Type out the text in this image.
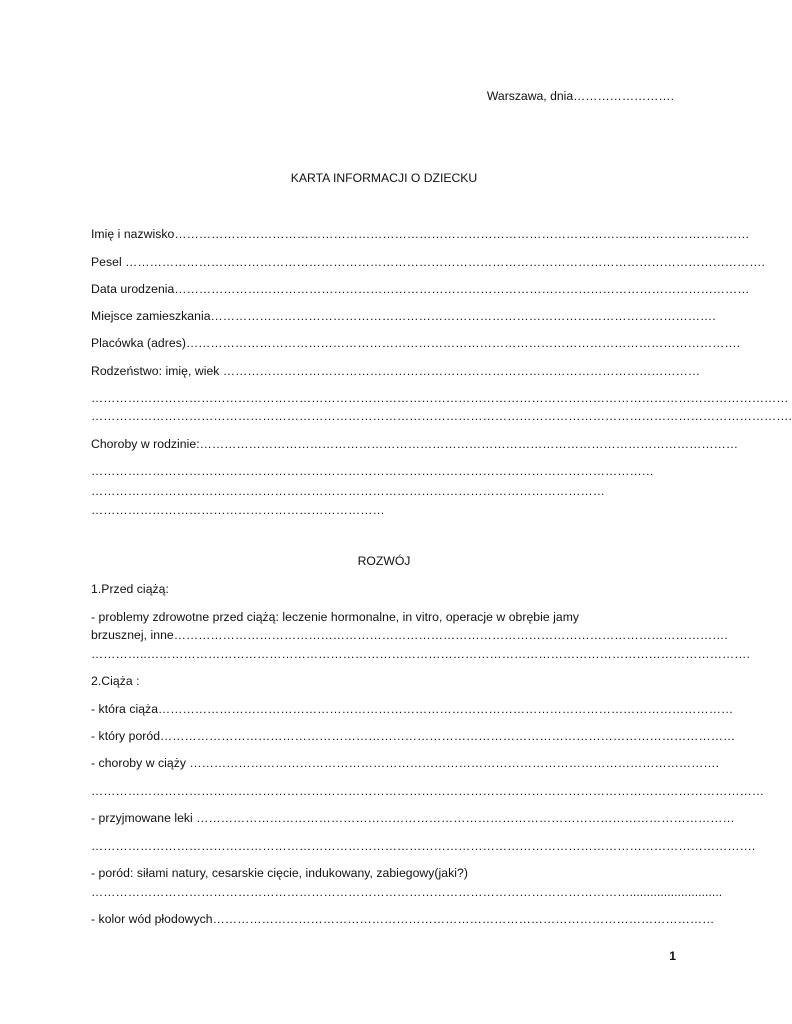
Warszawa, dnia…………………….
KARTA INFORMACJI O DZIECKU
Imię i nazwisko……………………………………………………………………………………………………………………………
Pesel ………………………………………………………………………………………………………………………………………….
Data urodzenia……………………………………………………………………………………………………………………………
Miejsce zamieszkania…………………………………………………………………………………………………………….
Placówka (adres)……………………………………………………………………………………………………………………….
Rodzeństwo: imię, wiek ………………………………………………………………………………………………………
………………………………………………………………………………………………………………………………………………………
……………………………………………………………………………………………………………………………………………………….
Choroby w rodzinie:……………………………………………………………………………………………………………………
…………………………………………………………………………………………………………………………
………………………………………………………………………………………………………………
………………………………………………………………
ROZWÓJ
1.Przed ciążą:
- problemy zdrowotne przed ciążą: leczenie hormonalne, in vitro, operacje w obrębie jamy
brzusznej, inne……………………………………………………………………………………………………………………….
…………..………………………………………………………………………………………………………………………………….
2.Ciąża :
- która ciąża……………………………………………………………………………………………………………………………
- który poród……………………………………………………………………………………………………………………………
- choroby w ciąży ………………………………………………………………………………………………………………….
…………………………………………………………………………………………………………………………………………………
- przyjmowane leki ……………………………………………………………………………………………………………………
……………………………………………………………………………………………………………………………………………….
- poród: siłami natury, cesarskie cięcie, indukowany, zabiegowy(jaki?)
……………………………………………………………………………………………………………………...........................
- kolor wód płodowych……………………………………………………………………………………………………………
1
